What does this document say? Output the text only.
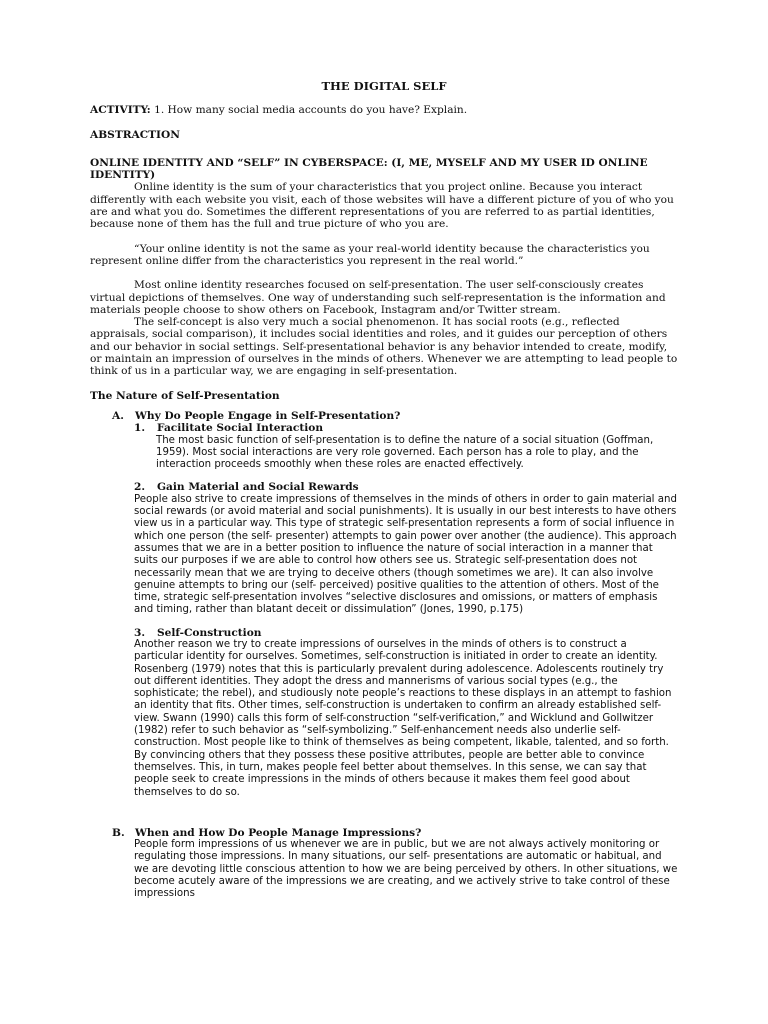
THE DIGITAL SELF

ACTIVITY: 1. How many social media accounts do you have? Explain.

ABSTRACTION

ONLINE IDENTITY AND “SELF” IN CYBERSPACE: (I, ME, MYSELF AND MY USER ID ONLINE IDENTITY)

Online identity is the sum of your characteristics that you project online. Because you interact differently with each website you visit, each of those websites will have a different picture of you of who you are and what you do. Sometimes the different representations of you are referred to as partial identities, because none of them has the full and true picture of who you are.

“Your online identity is not the same as your real-world identity because the characteristics you represent online differ from the characteristics you represent in the real world.”

Most online identity researches focused on self-presentation. The user self-consciously creates virtual depictions of themselves. One way of understanding such self-representation is the information and materials people choose to show others on Facebook, Instagram and/or Twitter stream.

The self-concept is also very much a social phenomenon. It has social roots (e.g., reflected appraisals, social comparison), it includes social identities and roles, and it guides our perception of others and our behavior in social settings. Self-presentational behavior is any behavior intended to create, modify, or maintain an impression of ourselves in the minds of others. Whenever we are attempting to lead people to think of us in a particular way, we are engaging in self-presentation.

The Nature of Self-Presentation

A.	Why Do People Engage in Self-Presentation?
1.	Facilitate Social Interaction

The most basic function of self-presentation is to define the nature of a social situation (Goffman, 1959). Most social interactions are very role governed. Each person has a role to play, and the interaction proceeds smoothly when these roles are enacted effectively.

2.	Gain Material and Social Rewards

People also strive to create impressions of themselves in the minds of others in order to gain material and social rewards (or avoid material and social punishments). It is usually in our best interests to have others view us in a particular way. This type of strategic self-presentation represents a form of social influence in which one person (the self- presenter) attempts to gain power over another (the audience). This approach assumes that we are in a better position to influence the nature of social interaction in a manner that suits our purposes if we are able to control how others see us. Strategic self-presentation does not necessarily mean that we are trying to deceive others (though sometimes we are). It can also involve genuine attempts to bring our (self- perceived) positive qualities to the attention of others. Most of the time, strategic self-presentation involves “selective disclosures and omissions, or matters of emphasis and timing, rather than blatant deceit or dissimulation” (Jones, 1990, p.175)

3.	Self-Construction

Another reason we try to create impressions of ourselves in the minds of others is to construct a particular identity for ourselves. Sometimes, self-construction is initiated in order to create an identity. Rosenberg (1979) notes that this is particularly prevalent during adolescence. Adolescents routinely try out different identities. They adopt the dress and mannerisms of various social types (e.g., the sophisticate; the rebel), and studiously note people’s reactions to these displays in an attempt to fashion an identity that fits. Other times, self-construction is undertaken to confirm an already established self-view. Swann (1990) calls this form of self-construction “self-verification,” and Wicklund and Gollwitzer (1982) refer to such behavior as “self-symbolizing.” Self-enhancement needs also underlie self-construction. Most people like to think of themselves as being competent, likable, talented, and so forth. By convincing others that they possess these positive attributes, people are better able to convince themselves. This, in turn, makes people feel better about themselves. In this sense, we can say that people seek to create impressions in the minds of others because it makes them feel good about themselves to do so.

B. When and How Do People Manage Impressions?

People form impressions of us whenever we are in public, but we are not always actively monitoring or regulating those impressions. In many situations, our self- presentations are automatic or habitual, and we are devoting little conscious attention to how we are being perceived by others. In other situations, we become acutely aware of the impressions we are creating, and we actively strive to take control of these impressions
